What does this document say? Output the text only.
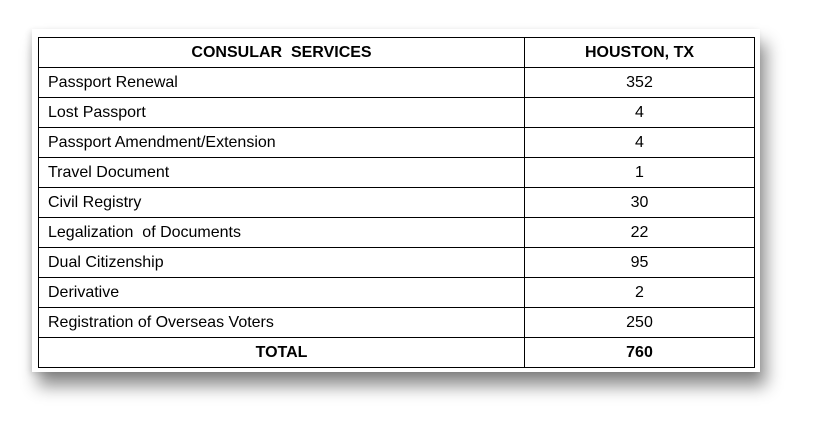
CONSULAR  SERVICES	HOUSTON, TX
Passport Renewal	352
Lost Passport	4
Passport Amendment/Extension	4
Travel Document	1
Civil Registry	30
Legalization  of Documents	22
Dual Citizenship	95
Derivative	2
Registration of Overseas Voters	250
TOTAL	760
